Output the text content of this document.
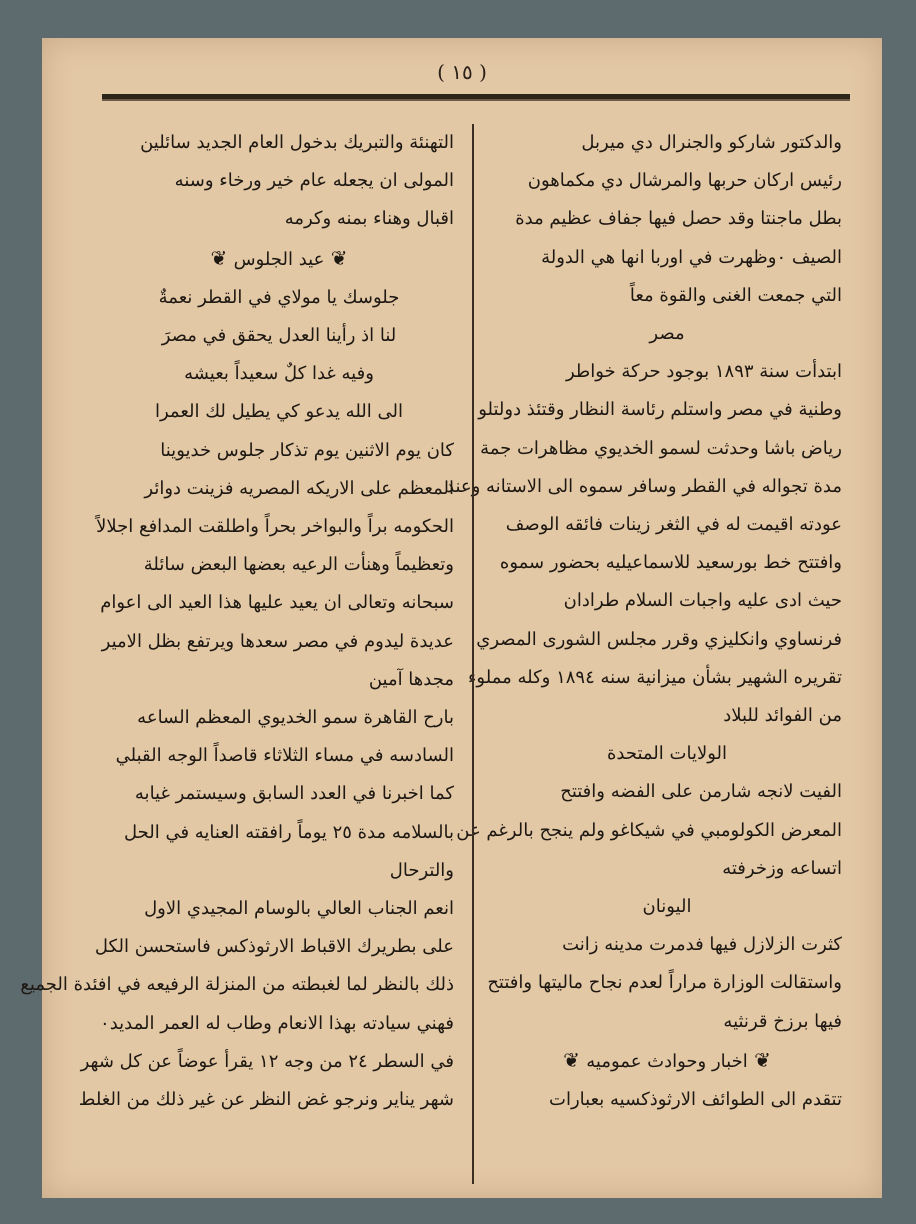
( ١٥ )
والدكتور شاركو والجنرال دي ميربل
رئيس اركان حربها والمرشال دي مكماهون
بطل ماجنتا وقد حصل فيها جفاف عظيم مدة
الصيف ٠وظهرت في اوربا انها هي الدولة
التي جمعت الغنى والقوة معاً
مصر
ابتدأت سنة ١٨٩٣ بوجود حركة خواطر
وطنية في مصر واستلم رئاسة النظار وقتئذ دولتلو
رياض باشا وحدثت لسمو الخديوي مظاهرات جمة
مدة تجواله في القطر وسافر سموه الى الاستانه وعند
عودته اقيمت له في الثغر زينات فائقه الوصف
وافتتح خط بورسعيد للاسماعيليه بحضور سموه
حيث ادى عليه واجبات السلام طرادان
فرنساوي وانكليزي وقرر مجلس الشورى المصري
تقريره الشهير بشأن ميزانية سنه ١٨٩٤ وكله مملوء
من الفوائد للبلاد
الولايات المتحدة
الفيت لانجه شارمن على الفضه وافتتح
المعرض الكولومبي في شيكاغو ولم ينجح بالرغم عن
اتساعه وزخرفته
اليونان
كثرت الزلازل فيها فدمرت مدينه زانت
واستقالت الوزارة مراراً لعدم نجاح ماليتها وافتتح
فيها برزخ قرنثيه
❦ اخبار وحوادث عموميه ❦
تتقدم الى الطوائف الارثوذكسيه بعبارات
التهنئة والتبريك بدخول العام الجديد سائلين
المولى ان يجعله عام خير ورخاء وسنه
اقبال وهناء بمنه وكرمه
❦ عيد الجلوس ❦
جلوسك يا مولاي في القطر نعمةٌ
لنا اذ رأينا العدل يحقق في مصرَ
وفيه غدا كلٌ سعيداً بعيشه
الى الله يدعو كي يطيل لك العمرا
كان يوم الاثنين يوم تذكار جلوس خديوينا
المعظم على الاريكه المصريه فزينت دوائر
الحكومه براً والبواخر بحراً واطلقت المدافع اجلالاً
وتعظيماً وهنأت الرعيه بعضها البعض سائلة
سبحانه وتعالى ان يعيد عليها هذا العيد الى اعوام
عديدة ليدوم في مصر سعدها ويرتفع بظل الامير
مجدها آمين
بارح القاهرة سمو الخديوي المعظم الساعه
السادسه في مساء الثلاثاء قاصداً الوجه القبلي
كما اخبرنا في العدد السابق وسيستمر غيابه
بالسلامه مدة ٢٥ يوماً رافقته العنايه في الحل
والترحال
انعم الجناب العالي بالوسام المجيدي الاول
على بطريرك الاقباط الارثوذكس فاستحسن الكل
ذلك بالنظر لما لغبطته من المنزلة الرفيعه في افئدة الجميع
فهني سيادته بهذا الانعام وطاب له العمر المديد٠
في السطر ٢٤ من وجه ١٢ يقرأ عوضاً عن كل شهر
شهر يناير ونرجو غض النظر عن غير ذلك من الغلط
